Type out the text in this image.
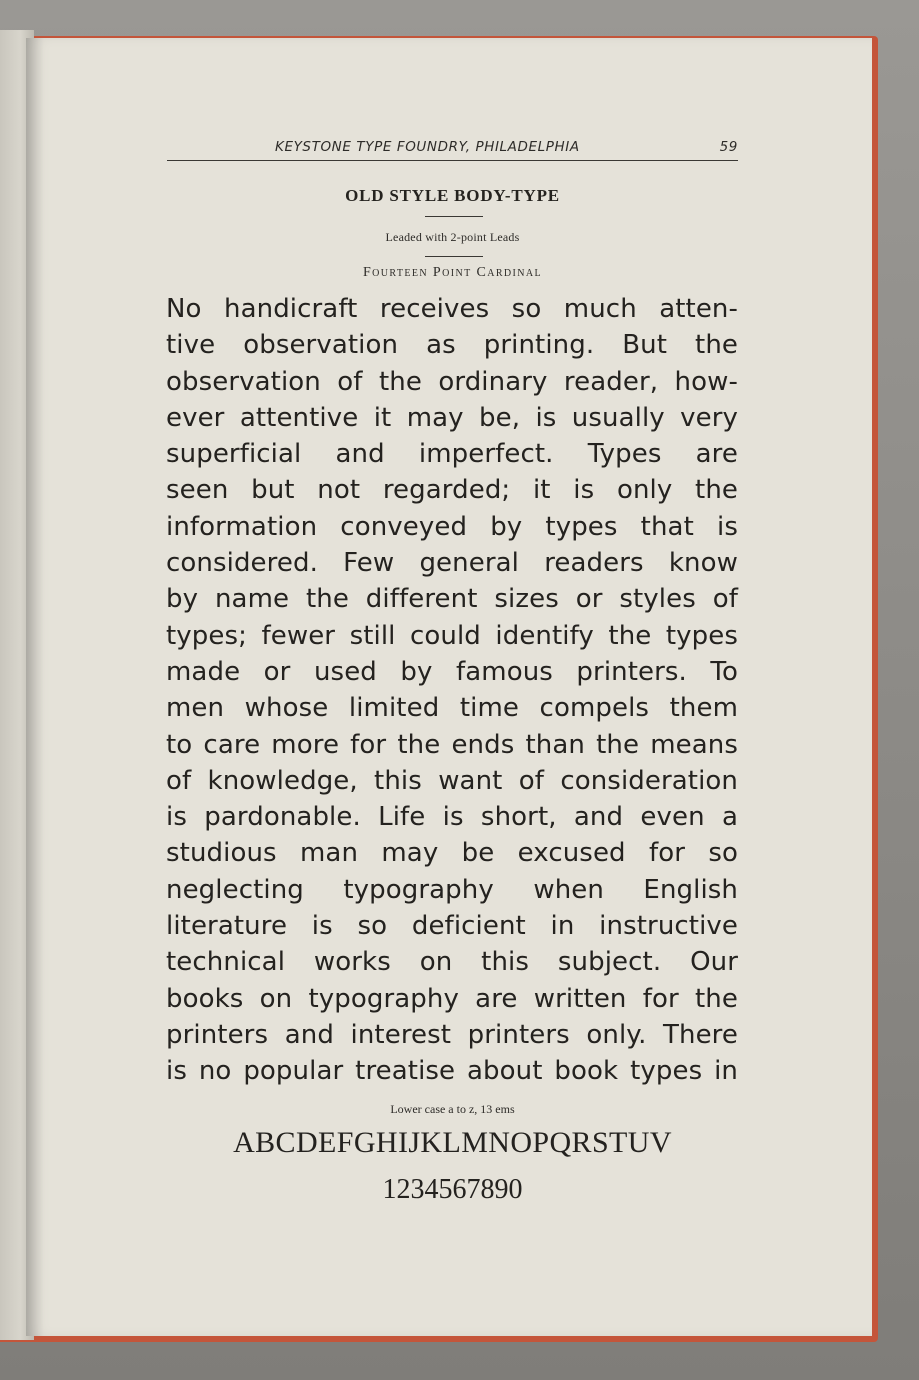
KEYSTONE TYPE FOUNDRY, PHILADELPHIA	59
OLD STYLE BODY-TYPE
Leaded with 2-point Leads
Fourteen Point Cardinal
No handicraft receives so much atten-
tive observation as printing. But the
observation of the ordinary reader, how-
ever attentive it may be, is usually very
superficial and imperfect. Types are
seen but not regarded; it is only the
information conveyed by types that is
considered. Few general readers know
by name the different sizes or styles of
types; fewer still could identify the types
made or used by famous printers. To
men whose limited time compels them
to care more for the ends than the means
of knowledge, this want of consideration
is pardonable. Life is short, and even a
studious man may be excused for so
neglecting typography when English
literature is so deficient in instructive
technical works on this subject. Our
books on typography are written for the
printers and interest printers only. There
is no popular treatise about book types in
Lower case a to z, 13 ems
ABCDEFGHIJKLMNOPQRSTUV
1234567890
